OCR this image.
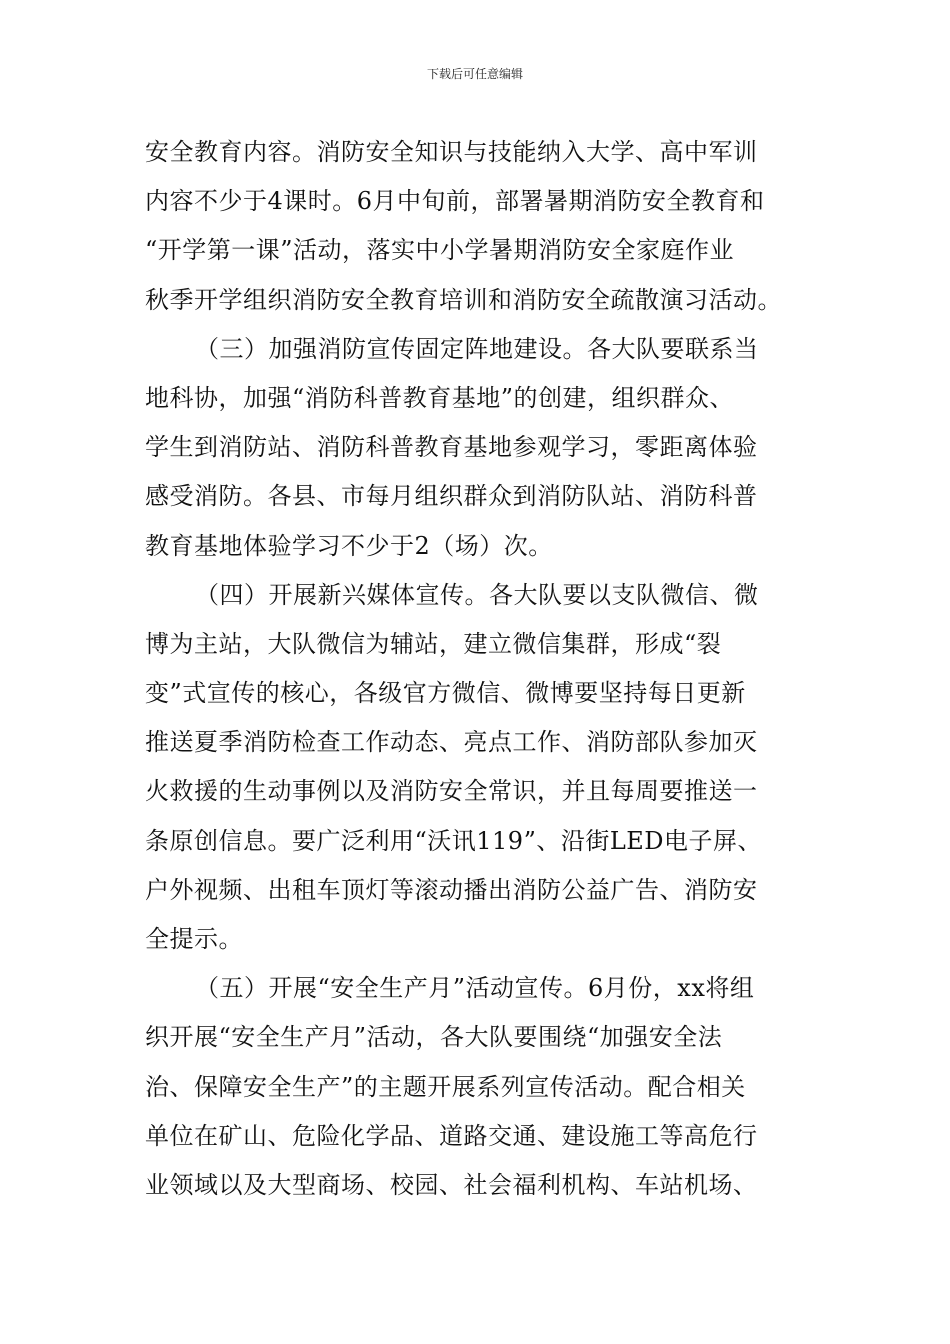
下载后可任意编辑
安全教育内容。消防安全知识与技能纳入大学、高中军训
内容不少于4课时。6月中旬前，部署暑期消防安全教育和
“开学第一课”活动，落实中小学暑期消防安全家庭作业
秋季开学组织消防安全教育培训和消防安全疏散演习活动。
（三）加强消防宣传固定阵地建设。各大队要联系当
地科协，加强“消防科普教育基地”的创建，组织群众、
学生到消防站、消防科普教育基地参观学习，零距离体验
感受消防。各县、市每月组织群众到消防队站、消防科普
教育基地体验学习不少于2（场）次。
（四）开展新兴媒体宣传。各大队要以支队微信、微
博为主站，大队微信为辅站，建立微信集群，形成“裂
变”式宣传的核心，各级官方微信、微博要坚持每日更新
推送夏季消防检查工作动态、亮点工作、消防部队参加灭
火救援的生动事例以及消防安全常识，并且每周要推送一
条原创信息。要广泛利用“沃讯119”、沿街LED电子屏、
户外视频、出租车顶灯等滚动播出消防公益广告、消防安
全提示。
（五）开展“安全生产月”活动宣传。6月份，xx将组
织开展“安全生产月”活动，各大队要围绕“加强安全法
治、保障安全生产”的主题开展系列宣传活动。配合相关
单位在矿山、危险化学品、道路交通、建设施工等高危行
业领域以及大型商场、校园、社会福利机构、车站机场、
